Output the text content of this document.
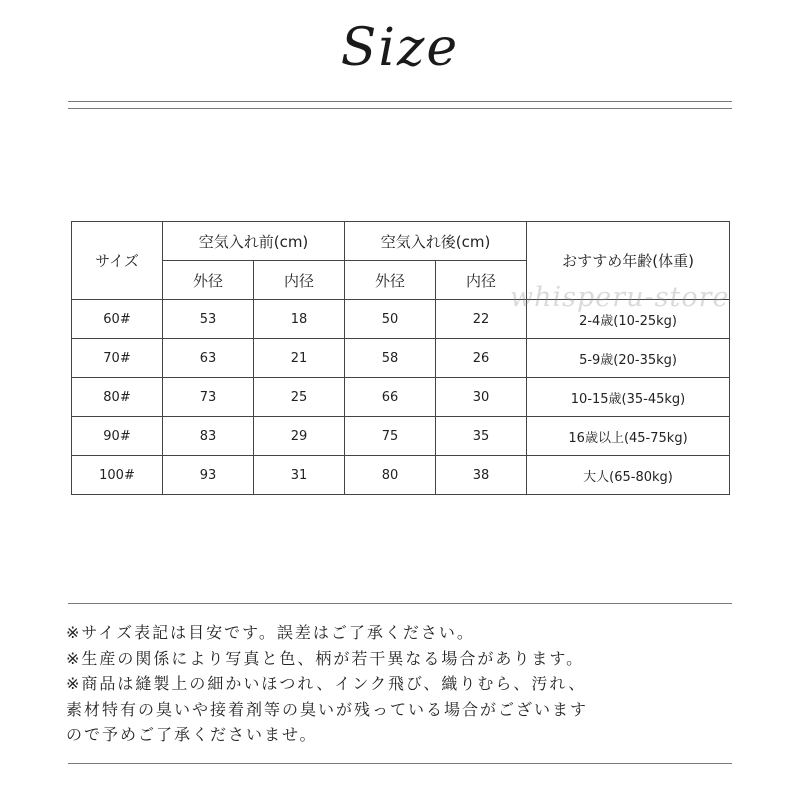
Size
サイズ	空気入れ前(cm)		空気入れ後(cm)		おすすめ年齢(体重)
	外径	内径	外径	内径	
60#	53	18	50	22	2-4歳(10-25kg)
70#	63	21	58	26	5-9歳(20-35kg)
80#	73	25	66	30	10-15歳(35-45kg)
90#	83	29	75	35	16歳以上(45-75kg)
100#	93	31	80	38	大人(65-80kg)
whisperu-store
※サイズ表記は目安です。誤差はご了承ください。
※生産の関係により写真と色、柄が若干異なる場合があります。
※商品は縫製上の細かいほつれ、インク飛び、織りむら、汚れ、
素材特有の臭いや接着剤等の臭いが残っている場合がございます
ので予めご了承くださいませ。
